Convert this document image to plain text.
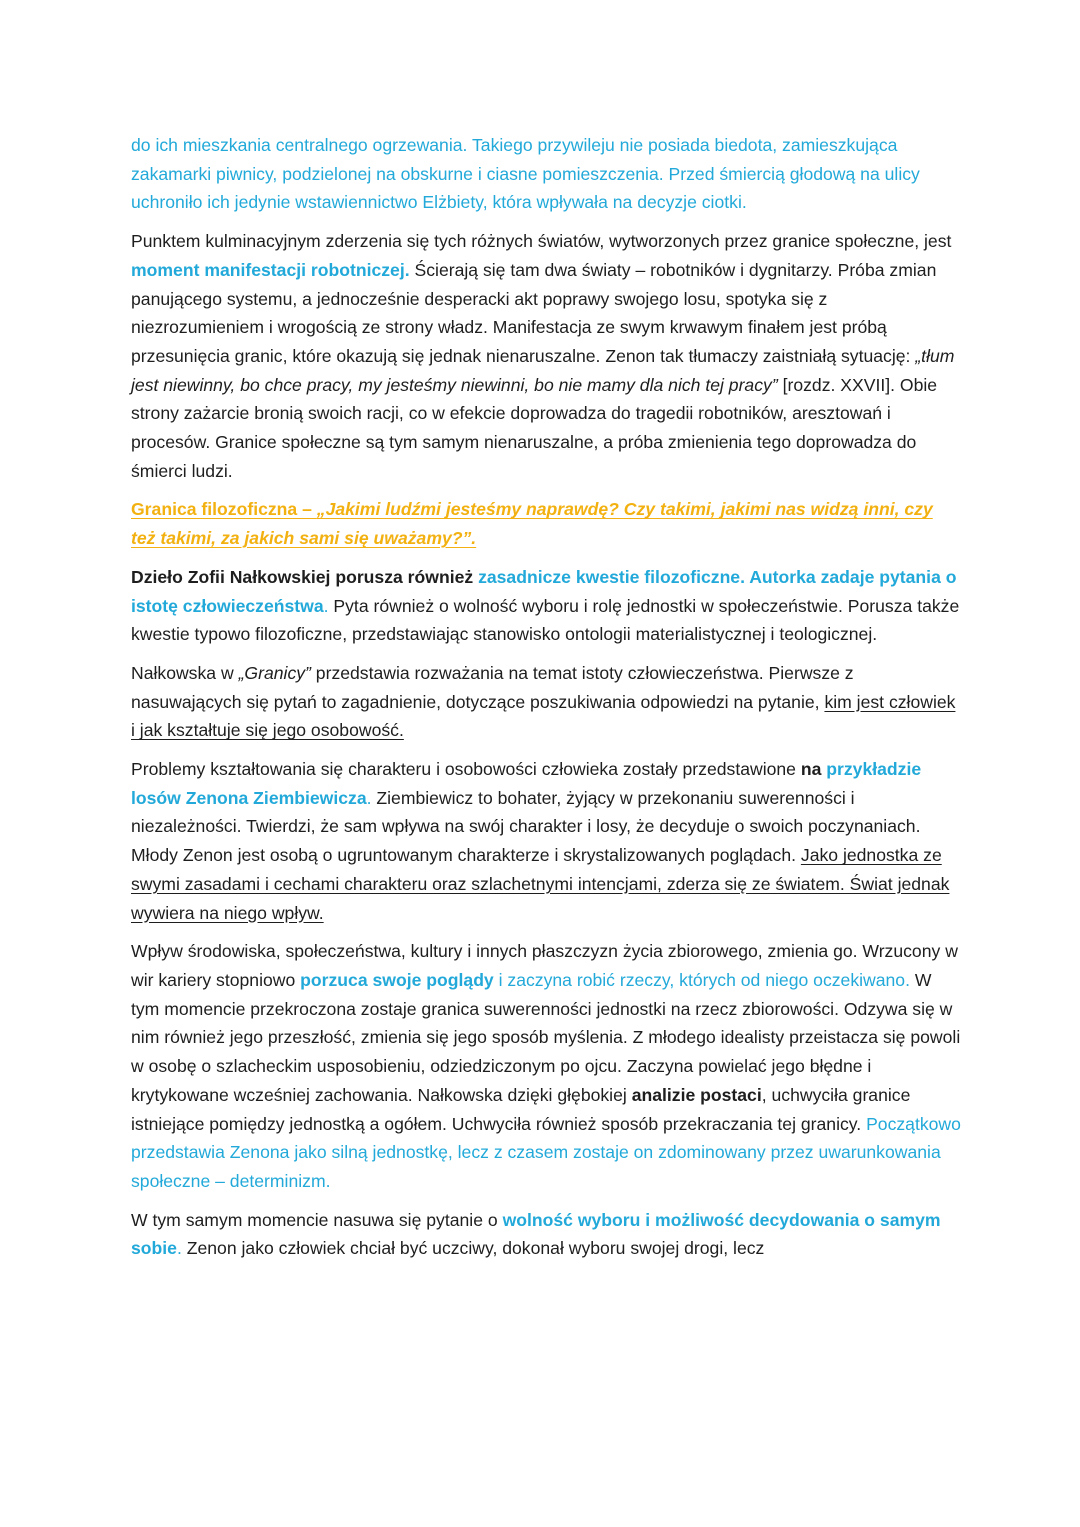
do ich mieszkania centralnego ogrzewania. Takiego przywileju nie posiada biedota, zamieszkująca zakamarki piwnicy, podzielonej na obskurne i ciasne pomieszczenia. Przed śmiercią głodową na ulicy uchroniło ich jedynie wstawiennictwo Elżbiety, która wpływała na decyzje ciotki.

Punktem kulminacyjnym zderzenia się tych różnych światów, wytworzonych przez granice społeczne, jest moment manifestacji robotniczej. Ścierają się tam dwa światy – robotników i dygnitarzy. Próba zmian panującego systemu, a jednocześnie desperacki akt poprawy swojego losu, spotyka się z niezrozumieniem i wrogością ze strony władz. Manifestacja ze swym krwawym finałem jest próbą przesunięcia granic, które okazują się jednak nienaruszalne. Zenon tak tłumaczy zaistniałą sytuację: „tłum jest niewinny, bo chce pracy, my jesteśmy niewinni, bo nie mamy dla nich tej pracy” [rozdz. XXVII]. Obie strony zażarcie bronią swoich racji, co w efekcie doprowadza do tragedii robotników, aresztowań i procesów. Granice społeczne są tym samym nienaruszalne, a próba zmienienia tego doprowadza do śmierci ludzi.

Granica filozoficzna – „Jakimi ludźmi jesteśmy naprawdę? Czy takimi, jakimi nas widzą inni, czy też takimi, za jakich sami się uważamy?”.

Dzieło Zofii Nałkowskiej porusza również zasadnicze kwestie filozoficzne. Autorka zadaje pytania o istotę człowieczeństwa. Pyta również o wolność wyboru i rolę jednostki w społeczeństwie. Porusza także kwestie typowo filozoficzne, przedstawiając stanowisko ontologii materialistycznej i teologicznej.

Nałkowska w „Granicy” przedstawia rozważania na temat istoty człowieczeństwa. Pierwsze z nasuwających się pytań to zagadnienie, dotyczące poszukiwania odpowiedzi na pytanie, kim jest człowiek i jak kształtuje się jego osobowość.

Problemy kształtowania się charakteru i osobowości człowieka zostały przedstawione na przykładzie losów Zenona Ziembiewicza. Ziembiewicz to bohater, żyjący w przekonaniu suwerenności i niezależności. Twierdzi, że sam wpływa na swój charakter i losy, że decyduje o swoich poczynaniach. Młody Zenon jest osobą o ugruntowanym charakterze i skrystalizowanych poglądach. Jako jednostka ze swymi zasadami i cechami charakteru oraz szlachetnymi intencjami, zderza się ze światem. Świat jednak wywiera na niego wpływ.

Wpływ środowiska, społeczeństwa, kultury i innych płaszczyzn życia zbiorowego, zmienia go. Wrzucony w wir kariery stopniowo porzuca swoje poglądy i zaczyna robić rzeczy, których od niego oczekiwano. W tym momencie przekroczona zostaje granica suwerenności jednostki na rzecz zbiorowości. Odzywa się w nim również jego przeszłość, zmienia się jego sposób myślenia. Z młodego idealisty przeistacza się powoli w osobę o szlacheckim usposobieniu, odziedziczonym po ojcu. Zaczyna powielać jego błędne i krytykowane wcześniej zachowania. Nałkowska dzięki głębokiej analizie postaci, uchwyciła granice istniejące pomiędzy jednostką a ogółem. Uchwyciła również sposób przekraczania tej granicy. Początkowo przedstawia Zenona jako silną jednostkę, lecz z czasem zostaje on zdominowany przez uwarunkowania społeczne – determinizm.

W tym samym momencie nasuwa się pytanie o wolność wyboru i możliwość decydowania o samym sobie. Zenon jako człowiek chciał być uczciwy, dokonał wyboru swojej drogi, lecz
